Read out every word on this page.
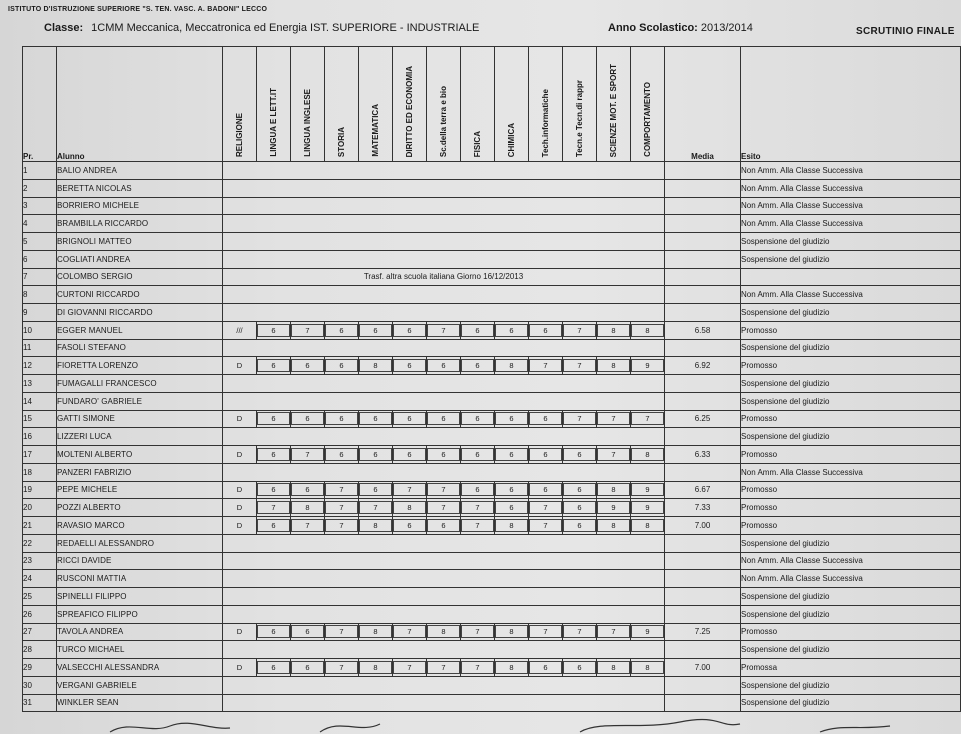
ISTITUTO D'ISTRUZIONE SUPERIORE "S. TEN. VASC. A. BADONI" LECCO
Classe: 1CMM Meccanica, Meccatronica ed Energia IST. SUPERIORE - INDUSTRIALE	Anno Scolastico: 2013/2014	SCRUTINIO FINALE
Pr.	Alunno	RELIGIONE	LINGUA E LETT.IT	LINGUA INGLESE	STORIA	MATEMATICA	DIRITTO ED ECONOMIA	Sc.della terra e bio	FISICA	CHIMICA	Tech.informatiche	Tecn.e Tecn.di rappr	SCIENZE MOT. E SPORT	COMPORTAMENTO	Media	Esito
1	BALIO ANDREA															Non Amm. Alla Classe Successiva
2	BERETTA NICOLAS															Non Amm. Alla Classe Successiva
3	BORRIERO MICHELE															Non Amm. Alla Classe Successiva
4	BRAMBILLA RICCARDO															Non Amm. Alla Classe Successiva
5	BRIGNOLI MATTEO															Sospensione del giudizio
6	COGLIATI ANDREA															Sospensione del giudizio
7	COLOMBO SERGIO	Trasf. altra scuola italiana Giorno 16/12/2013														
8	CURTONI RICCARDO															Non Amm. Alla Classe Successiva
9	DI GIOVANNI RICCARDO															Sospensione del giudizio
10	EGGER MANUEL	///	6	7	6	6	6	7	6	6	6	7	8	8	6.58	Promosso
11	FASOLI STEFANO															Sospensione del giudizio
12	FIORETTA LORENZO	D	6	6	6	8	6	6	6	8	7	7	8	9	6.92	Promosso
13	FUMAGALLI FRANCESCO															Sospensione del giudizio
14	FUNDARO' GABRIELE															Sospensione del giudizio
15	GATTI SIMONE	D	6	6	6	6	6	6	6	6	6	7	7	7	6.25	Promosso
16	LIZZERI LUCA															Sospensione del giudizio
17	MOLTENI ALBERTO	D	6	7	6	6	6	6	6	6	6	6	7	8	6.33	Promosso
18	PANZERI FABRIZIO															Non Amm. Alla Classe Successiva
19	PEPE MICHELE	D	6	6	7	6	7	7	6	6	6	6	8	9	6.67	Promosso
20	POZZI ALBERTO	D	7	8	7	7	8	7	7	6	7	6	9	9	7.33	Promosso
21	RAVASIO MARCO	D	6	7	7	8	6	6	7	8	7	6	8	8	7.00	Promosso
22	REDAELLI ALESSANDRO															Sospensione del giudizio
23	RICCI DAVIDE															Non Amm. Alla Classe Successiva
24	RUSCONI MATTIA															Non Amm. Alla Classe Successiva
25	SPINELLI FILIPPO															Sospensione del giudizio
26	SPREAFICO FILIPPO															Sospensione del giudizio
27	TAVOLA ANDREA	D	6	6	7	8	7	8	7	8	7	7	7	9	7.25	Promosso
28	TURCO MICHAEL															Sospensione del giudizio
29	VALSECCHI ALESSANDRA	D	6	6	7	8	7	7	7	8	6	6	8	8	7.00	Promossa
30	VERGANI GABRIELE															Sospensione del giudizio
31	WINKLER SEAN															Sospensione del giudizio
